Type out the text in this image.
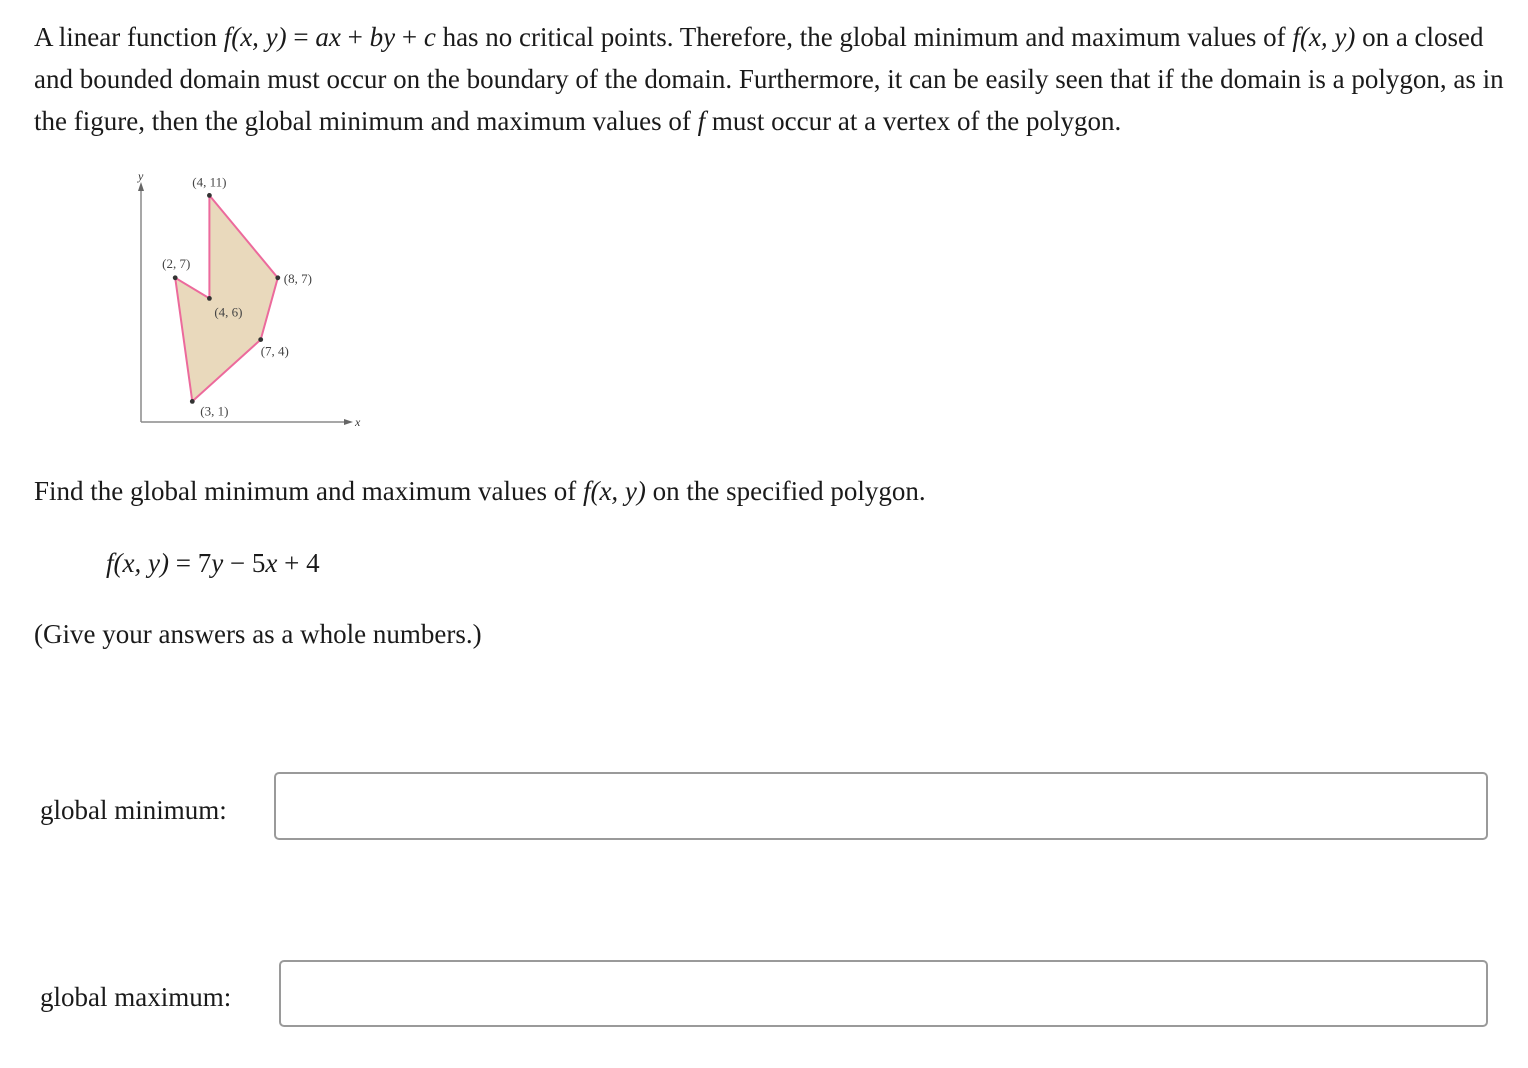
A linear function f(x, y) = ax + by + c has no critical points. Therefore, the global minimum and maximum values of f(x, y) on a closed and bounded domain must occur on the boundary of the domain. Furthermore, it can be easily seen that if the domain is a polygon, as in the figure, then the global minimum and maximum values of f must occur at a vertex of the polygon.

y
x
(4, 11)
(8, 7)
(7, 4)
(3, 1)
(2, 7)
(4, 6)

Find the global minimum and maximum values of f(x, y) on the specified polygon.

f(x, y) = 7y − 5x + 4

(Give your answers as a whole numbers.)

global minimum:

global maximum:
